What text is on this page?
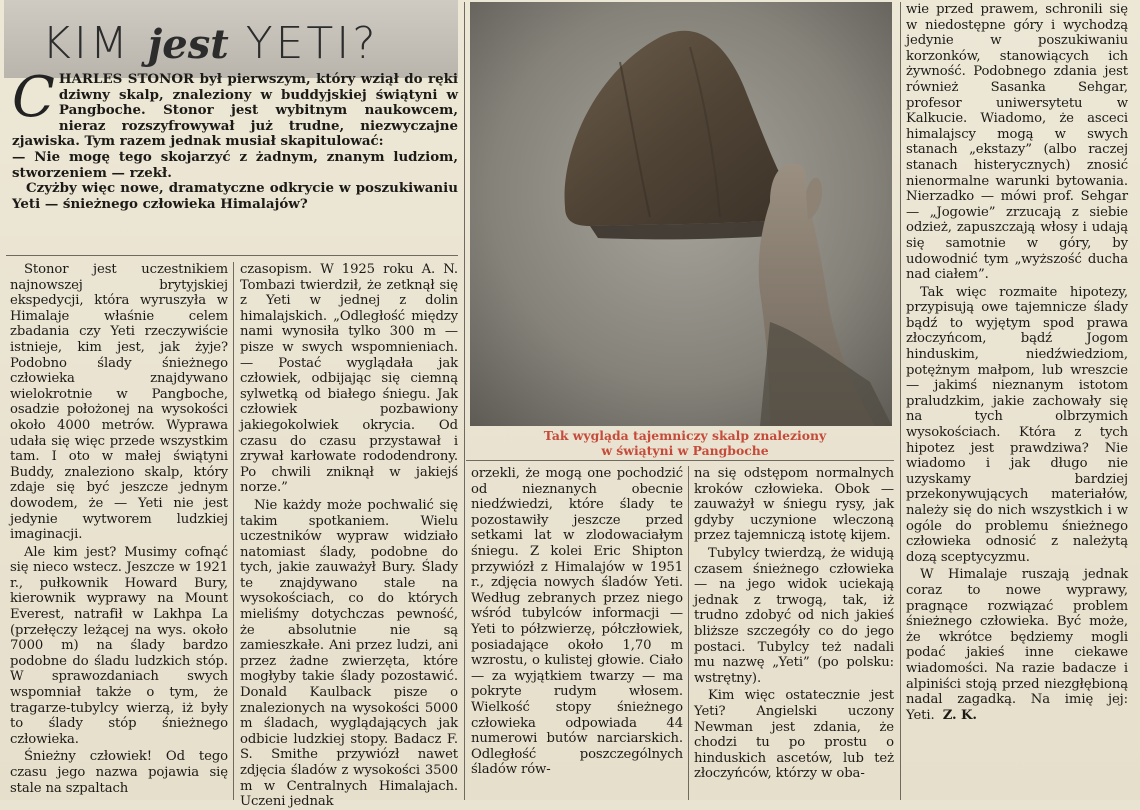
KIM jest YETI?
C HARLES STONOR był pierwszym, który wziął do ręki dziwny skalp, znaleziony w buddyjskiej świątyni w Pangboche. Stonor jest wybitnym naukowcem, nieraz rozszyfrowywał już trudne, niezwyczajne zjawiska. Tym razem jednak musiał skapitulować:

— Nie mogę tego skojarzyć z żadnym, znanym ludziom, stworzeniem — rzekł.

Czyżby więc nowe, dramatyczne odkrycie w poszukiwaniu Yeti — śnieżnego człowieka Himalajów?

Stonor jest uczestnikiem najnowszej brytyjskiej ekspedycji, która wyruszyła w Himalaje właśnie celem zbadania czy Yeti rzeczywiście istnieje, kim jest, jak żyje? Podobno ślady śnieżnego człowieka znajdywano wielokrotnie w Pangboche, osadzie położonej na wysokości około 4000 metrów. Wyprawa udała się więc przede wszystkim tam. I oto w małej świątyni Buddy, znaleziono skalp, który zdaje się być jeszcze jednym dowodem, że — Yeti nie jest jedynie wytworem ludzkiej imaginacji.

Ale kim jest? Musimy cofnąć się nieco wstecz. Jeszcze w 1921 r., pułkownik Howard Bury, kierownik wyprawy na Mount Everest, natrafił w Lakhpa La (przełęczy leżącej na wys. około 7000 m) na ślady bardzo podobne do śladu ludzkich stóp. W sprawozdaniach swych wspomniał także o tym, że tragarze-tubylcy wierzą, iż były to ślady stóp śnieżnego człowieka.

Śnieżny człowiek! Od tego czasu jego nazwa pojawia się stale na szpaltach

czasopism. W 1925 roku A. N. Tombazi twierdził, że zetknął się z Yeti w jednej z dolin himalajskich. „Odległość między nami wynosiła tylko 300 m — pisze w swych wspomnieniach. — Postać wyglądała jak człowiek, odbijając się ciemną sylwetką od białego śniegu. Jak człowiek pozbawiony jakiegokolwiek okrycia. Od czasu do czasu przystawał i zrywał karłowate rododendrony. Po chwili zniknął w jakiejś norze.”

Nie każdy może pochwalić się takim spotkaniem. Wielu uczestników wypraw widziało natomiast ślady, podobne do tych, jakie zauważył Bury. Ślady te znajdywano stale na wysokościach, co do których mieliśmy dotychczas pewność, że absolutnie nie są zamieszkałe. Ani przez ludzi, ani przez żadne zwierzęta, które mogłyby takie ślady pozostawić. Donald Kaulback pisze o znalezionych na wysokości 5000 m śladach, wyglądających jak odbicie ludzkiej stopy. Badacz F. S. Smithe przywiózł nawet zdjęcia śladów z wysokości 3500 m w Centralnych Himalajach. Uczeni jednak

Tak wygląda tajemniczy skalp znaleziony w świątyni w Pangboche

orzekli, że mogą one pochodzić od nieznanych obecnie niedźwiedzi, które ślady te pozostawiły jeszcze przed setkami lat w zlodowaciałym śniegu. Z kolei Eric Shipton przywiózł z Himalajów w 1951 r., zdjęcia nowych śladów Yeti. Według zebranych przez niego wśród tubylców informacji — Yeti to półzwierzę, półczłowiek, posiadające około 1,70 m wzrostu, o kulistej głowie. Ciało — za wyjątkiem twarzy — ma pokryte rudym włosem. Wielkość stopy śnieżnego człowieka odpowiada 44 numerowi butów narciarskich. Odległość poszczególnych śladów rów-

na się odstępom normalnych kroków człowieka. Obok — zauważył w śniegu rysy, jak gdyby uczynione wleczoną przez tajemniczą istotę kijem.

Tubylcy twierdzą, że widują czasem śnieżnego człowieka — na jego widok uciekają jednak z trwogą, tak, iż trudno zdobyć od nich jakieś bliższe szczegóły co do jego postaci. Tubylcy też nadali mu nazwę „Yeti” (po polsku: wstrętny).

Kim więc ostatecznie jest Yeti? Angielski uczony Newman jest zdania, że chodzi tu po prostu o hinduskich ascetów, lub też złoczyńców, którzy w oba-

wie przed prawem, schronili się w niedostępne góry i wychodzą jedynie w poszukiwaniu korzonków, stanowiących ich żywność. Podobnego zdania jest również Sasanka Sehgar, profesor uniwersytetu w Kalkucie. Wiadomo, że asceci himalajscy mogą w swych stanach „ekstazy” (albo raczej stanach histerycznych) znosić nienormalne warunki bytowania. Nierzadko — mówi prof. Sehgar — „Jogowie” zrzucają z siebie odzież, zapuszczają włosy i udają się samotnie w góry, by udowodnić tym „wyższość ducha nad ciałem”.

Tak więc rozmaite hipotezy, przypisują owe tajemnicze ślady bądź to wyjętym spod prawa złoczyńcom, bądź Jogom hinduskim, niedźwiedziom, potężnym małpom, lub wreszcie — jakimś nieznanym istotom praludzkim, jakie zachowały się na tych olbrzymich wysokościach. Która z tych hipotez jest prawdziwa? Nie wiadomo i jak długo nie uzyskamy bardziej przekonywujących materiałów, należy się do nich wszystkich i w ogóle do problemu śnieżnego człowieka odnosić z należytą dozą sceptycyzmu.

W Himalaje ruszają jednak coraz to nowe wyprawy, pragnące rozwiązać problem śnieżnego człowieka. Być może, że wkrótce będziemy mogli podać jakieś inne ciekawe wiadomości. Na razie badacze i alpiniści stoją przed niezgłębioną nadal zagadką. Na imię jej: Yeti. Z. K.
